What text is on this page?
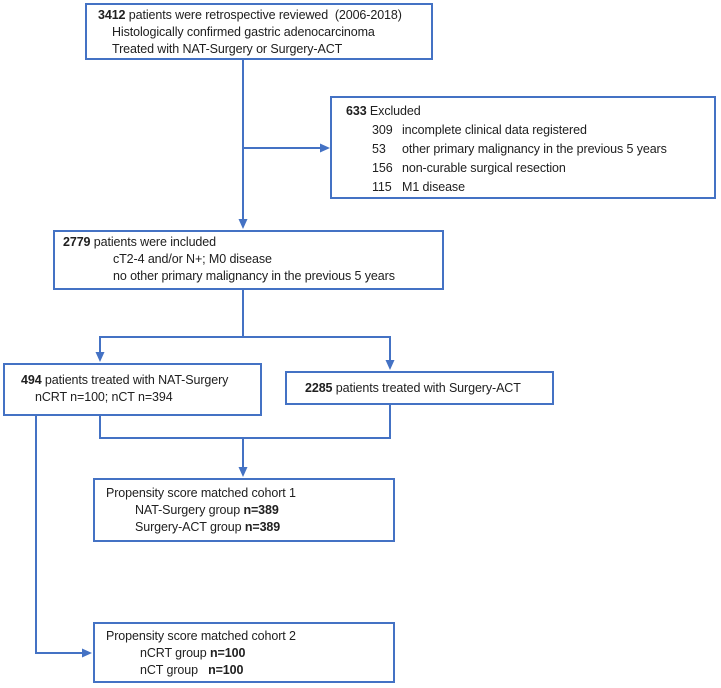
3412 patients were retrospective reviewed  (2006-2018)
Histologically confirmed gastric adenocarcinoma
Treated with NAT-Surgery or Surgery-ACT
633 Excluded
309 incomplete clinical data registered
53 other primary malignancy in the previous 5 years
156 non-curable surgical resection
115 M1 disease
2779 patients were included
cT2-4 and/or N+; M0 disease
no other primary malignancy in the previous 5 years
494 patients treated with NAT-Surgery
nCRT n=100; nCT n=394
2285 patients treated with Surgery-ACT
Propensity score matched cohort 1
NAT-Surgery group n=389
Surgery-ACT group n=389
Propensity score matched cohort 2
nCRT group n=100
nCT group   n=100
